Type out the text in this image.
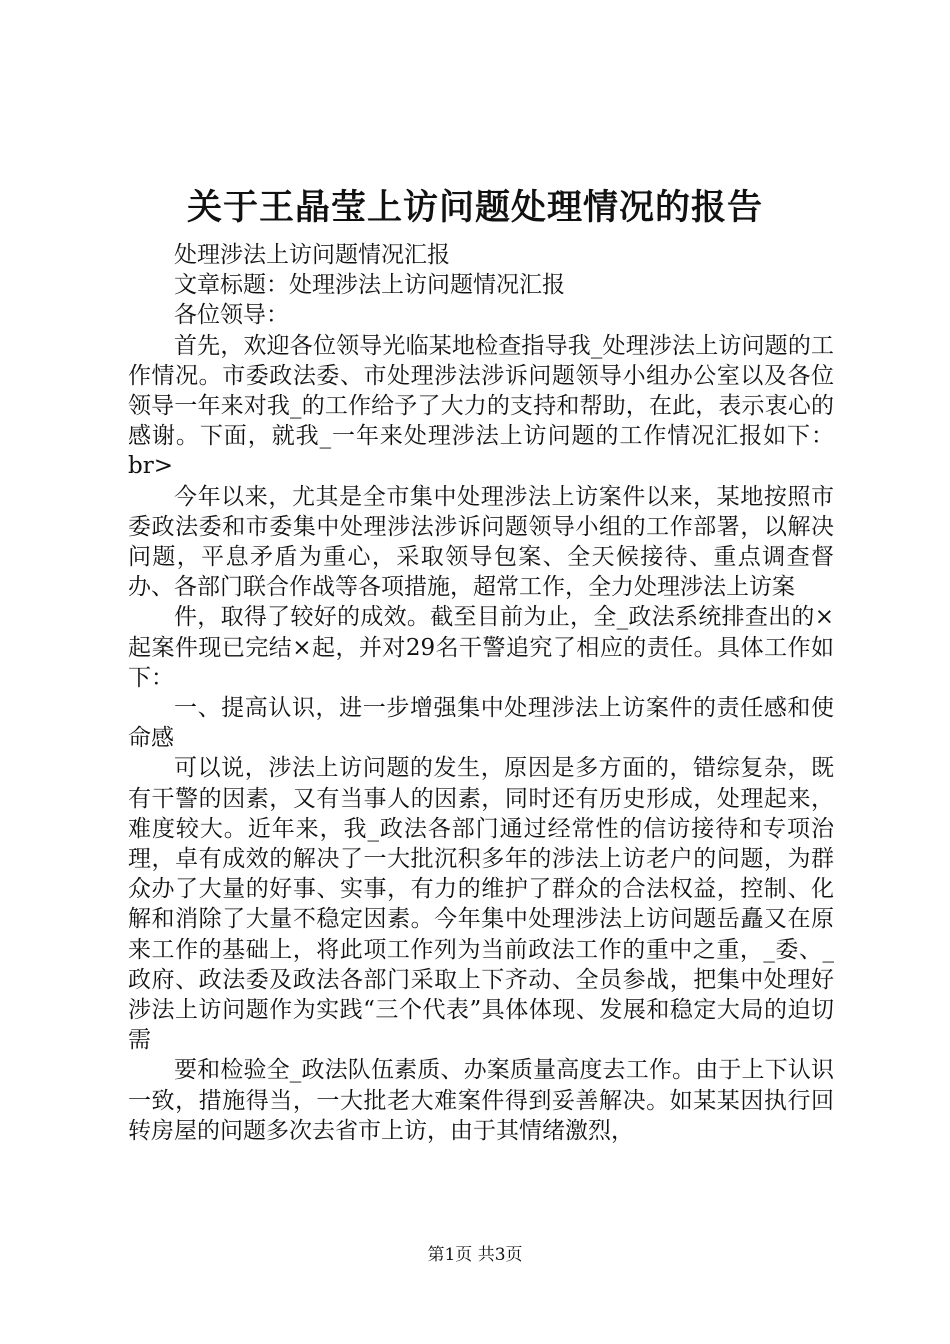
关于王晶莹上访问题处理情况的报告

处理涉法上访问题情况汇报

文章标题：处理涉法上访问题情况汇报

各位领导：

首先，欢迎各位领导光临某地检查指导我_处理涉法上访问题的工作情况。市委政法委、市处理涉法涉诉问题领导小组办公室以及各位领导一年来对我_的工作给予了大力的支持和帮助，在此，表示衷心的感谢。下面，就我_一年来处理涉法上访问题的工作情况汇报如下：br>

今年以来，尤其是全市集中处理涉法上访案件以来，某地按照市委政法委和市委集中处理涉法涉诉问题领导小组的工作部署，以解决问题，平息矛盾为重心，采取领导包案、全天候接待、重点调查督办、各部门联合作战等各项措施，超常工作，全力处理涉法上访案

件，取得了较好的成效。截至目前为止，全_政法系统排查出的×起案件现已完结×起，并对29名干警追究了相应的责任。具体工作如下：

一、提高认识，进一步增强集中处理涉法上访案件的责任感和使命感

可以说，涉法上访问题的发生，原因是多方面的，错综复杂，既有干警的因素，又有当事人的因素，同时还有历史形成，处理起来，难度较大。近年来，我_政法各部门通过经常性的信访接待和专项治理，卓有成效的解决了一大批沉积多年的涉法上访老户的问题，为群众办了大量的好事、实事，有力的维护了群众的合法权益，控制、化解和消除了大量不稳定因素。今年集中处理涉法上访问题岳矗又在原来工作的基础上，将此项工作列为当前政法工作的重中之重，_委、_政府、政法委及政法各部门采取上下齐动、全员参战，把集中处理好涉法上访问题作为实践“三个代表”具体体现、发展和稳定大局的迫切需

要和检验全_政法队伍素质、办案质量高度去工作。由于上下认识一致，措施得当，一大批老大难案件得到妥善解决。如某某因执行回转房屋的问题多次去省市上访，由于其情绪激烈，

第1页 共3页
